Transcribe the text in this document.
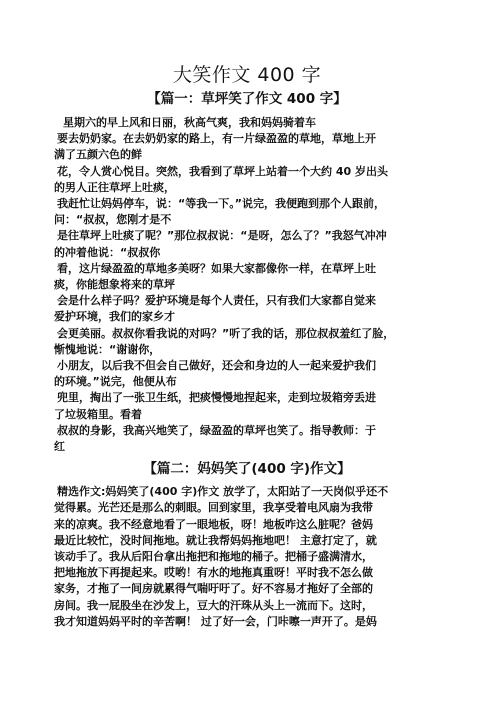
大笑作文 400 字
【篇一：草坪笑了作文 400 字】
星期六的早上风和日丽，秋高气爽，我和妈妈骑着车
要去奶奶家。在去奶奶家的路上，有一片绿盈盈的草地，草地上开
满了五颜六色的鲜
花，令人赏心悦目。突然，我看到了草坪上站着一个大约 40 岁出头
的男人正往草坪上吐痰，
我赶忙让妈妈停车，说：“等我一下。”说完，我便跑到那个人跟前，
问：“叔叔，您刚才是不
是往草坪上吐痰了呢？”那位叔叔说：“是呀，怎么了？”我怒气冲冲
的冲着他说：“叔叔你
看，这片绿盈盈的草地多美呀？如果大家都像你一样，在草坪上吐
痰，你能想象将来的草坪
会是什么样子吗？爱护环境是每个人责任，只有我们大家都自觉来
爱护环境，我们的家乡才
会更美丽。叔叔你看我说的对吗？”听了我的话，那位叔叔羞红了脸，
惭愧地说：“谢谢你，
小朋友，以后我不但会自己做好，还会和身边的人一起来爱护我们
的环境。”说完，他便从布
兜里，掏出了一张卫生纸，把痰慢慢地捏起来，走到垃圾箱旁丢进
了垃圾箱里。看着
叔叔的身影，我高兴地笑了，绿盈盈的草坪也笑了。指导教师：于
红
【篇二：妈妈笑了(400 字)作文】
精选作文:妈妈笑了(400 字)作文 放学了，太阳站了一天岗似乎还不
觉得累。光芒还是那么的刺眼。回到家里，我享受着电风扇为我带
来的凉爽。我不经意地看了一眼地板，呀！地板咋这么脏呢？爸妈
最近比较忙，没时间拖地。就让我帮妈妈拖地吧！ 主意打定了，就
该动手了。我从后阳台拿出拖把和拖地的桶子。把桶子盛满清水，
把地拖放下再提起来。哎哟！有水的地拖真重呀！平时我不怎么做
家务，才拖了一间房就累得气喘吁吁了。好不容易才拖好了全部的
房间。我一屁股坐在沙发上，豆大的汗珠从头上一流而下。这时，
我才知道妈妈平时的辛苦啊！ 过了好一会，门咔嚓一声开了。是妈
